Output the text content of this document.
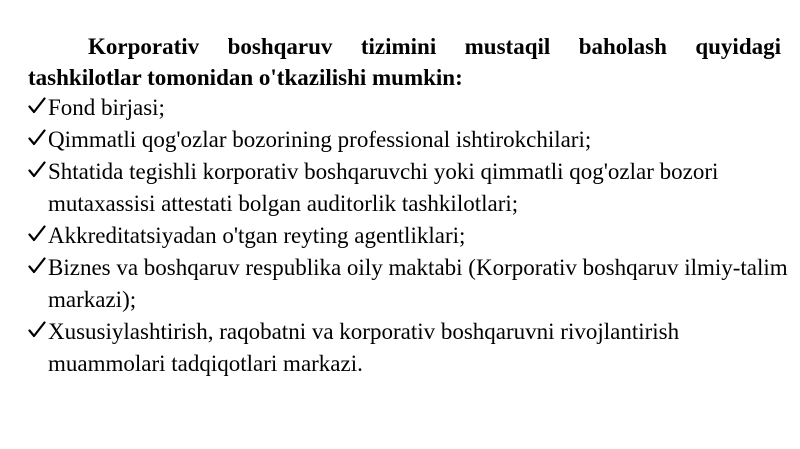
Korporativ boshqaruv tizimini mustaqil baholash quyidagi tashkilotlar tomonidan o'tkazilishi mumkin:

Fond birjasi;
Qimmatli qog'ozlar bozorining professional ishtirokchilari;
Shtatida tegishli korporativ boshqaruvchi yoki qimmatli qog'ozlar bozori mutaxassisi attestati bolgan auditorlik tashkilotlari;
Akkreditatsiyadan o'tgan reyting agentliklari;
Biznes va boshqaruv respublika oily maktabi (Korporativ boshqaruv ilmiy-talim markazi);
Xususiylashtirish, raqobatni va korporativ boshqaruvni rivojlantirish muammolari tadqiqotlari markazi.
